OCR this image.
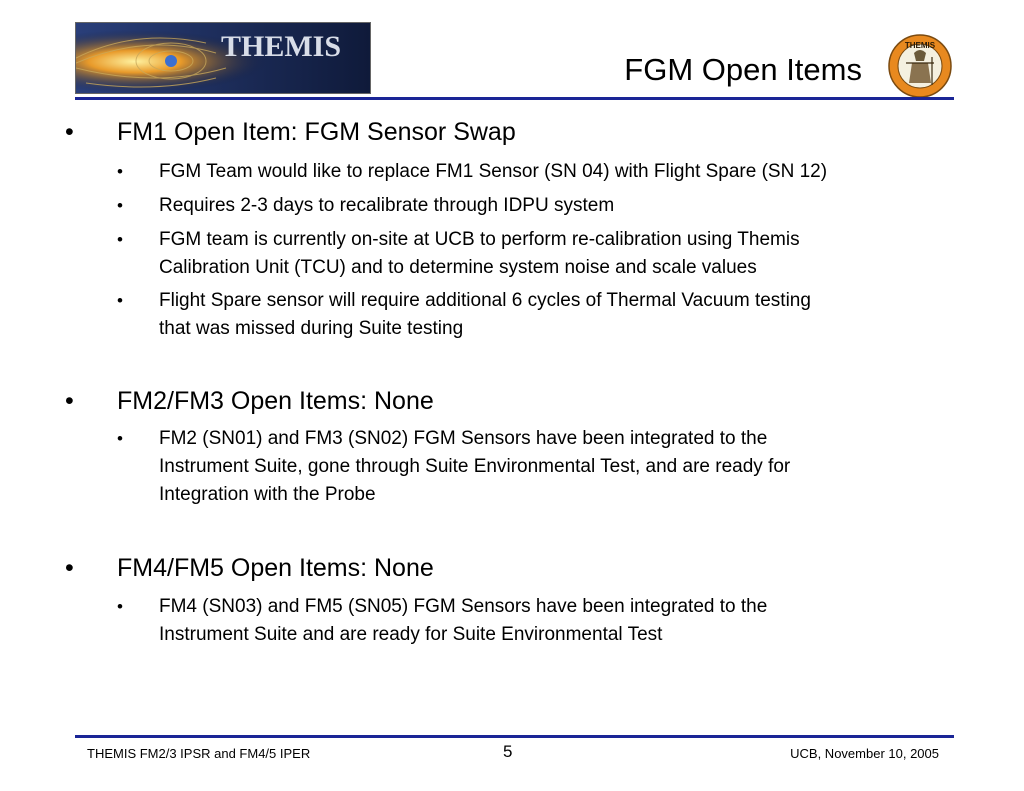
THEMIS
FGM Open Items
THEMIS
• FM1 Open Item: FGM Sensor Swap
• FGM Team would like to replace FM1 Sensor (SN 04) with Flight Spare (SN 12)
• Requires 2-3 days to recalibrate through IDPU system
• FGM team is currently on-site at UCB to perform re-calibration using Themis
Calibration Unit (TCU) and to determine system noise and scale values
• Flight Spare sensor will require additional 6 cycles of Thermal Vacuum testing
that was missed during Suite testing
• FM2/FM3 Open Items: None
• FM2 (SN01) and FM3 (SN02) FGM Sensors have been integrated to the
Instrument Suite, gone through Suite Environmental Test, and are ready for
Integration with the Probe
• FM4/FM5 Open Items: None
• FM4 (SN03) and FM5 (SN05) FGM Sensors have been integrated to the
Instrument Suite and are ready for Suite Environmental Test
THEMIS FM2/3 IPSR and FM4/5 IPER	5	UCB, November 10, 2005
